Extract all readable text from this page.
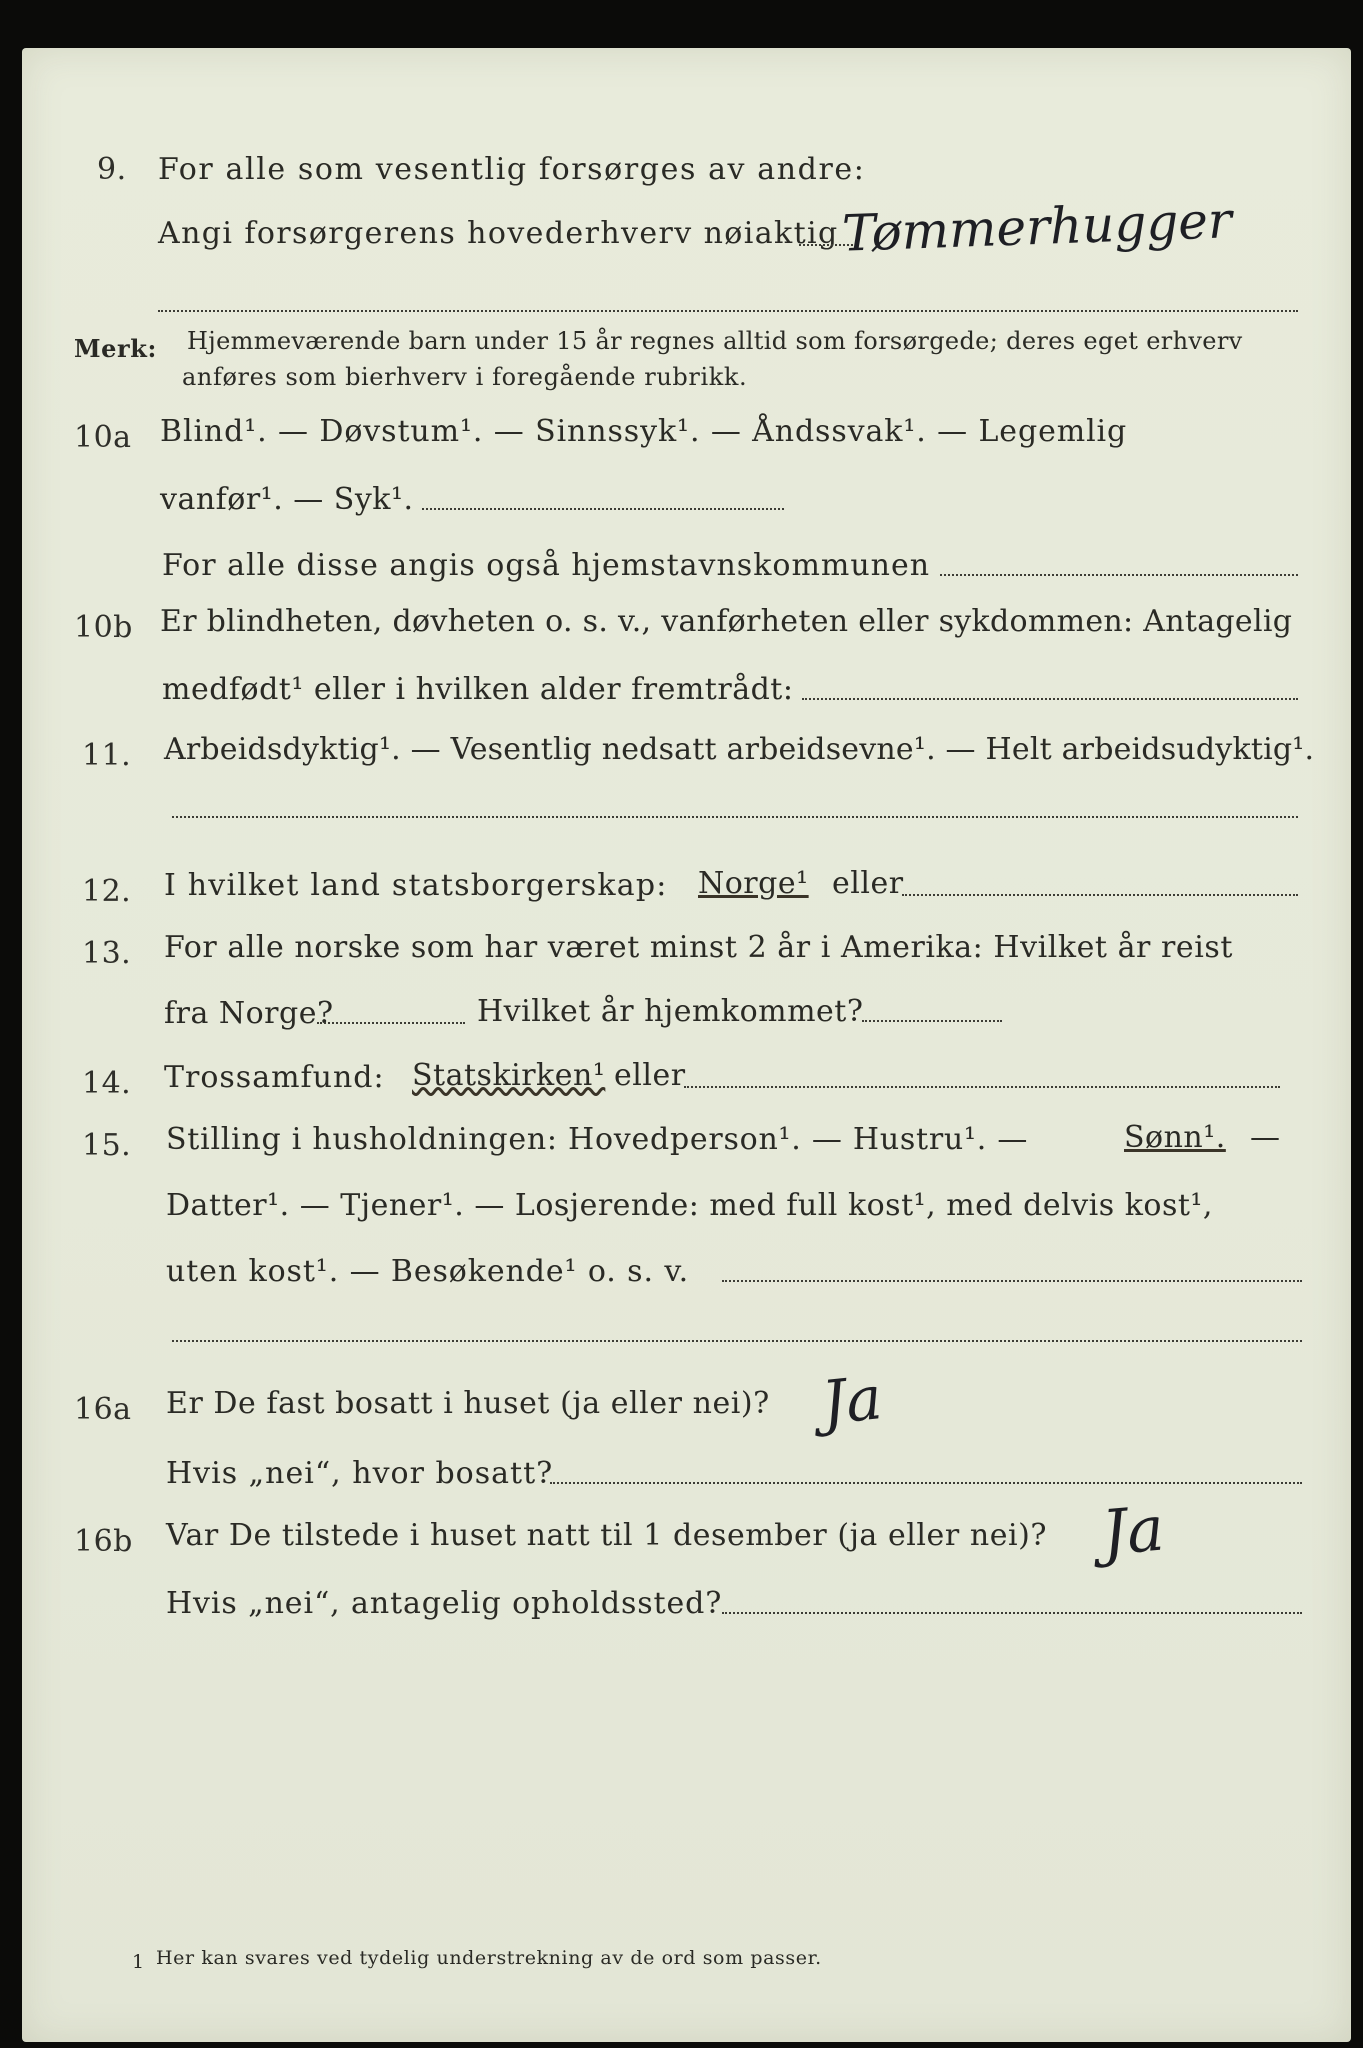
9. For alle som vesentlig forsørges av andre:
Angi forsørgerens hovederhverv nøiaktig Tømmerhugger
Merk: Hjemmeværende barn under 15 år regnes alltid som forsørgede; deres eget erhverv
anføres som bierhverv i foregående rubrikk.
10a Blind¹. — Døvstum¹. — Sinnssyk¹. — Åndssvak¹. — Legemlig
vanfør¹. — Syk¹.
For alle disse angis også hjemstavnskommunen
10b Er blindheten, døvheten o. s. v., vanførheten eller sykdommen: Antagelig
medfødt¹ eller i hvilken alder fremtrådt:
11. Arbeidsdyktig¹. — Vesentlig nedsatt arbeidsevne¹. — Helt arbeidsudyktig¹.
12. I hvilket land statsborgerskap: Norge¹ eller
13. For alle norske som har været minst 2 år i Amerika: Hvilket år reist
fra Norge?	Hvilket år hjemkommet?
14. Trossamfund: Statskirken¹ eller
15. Stilling i husholdningen: Hovedperson¹. — Hustru¹. —	Sønn¹. —
Datter¹. — Tjener¹. — Losjerende: med full kost¹, med delvis kost¹,
uten kost¹. — Besøkende¹ o. s. v.
16a Er De fast bosatt i huset (ja eller nei)? Ja
Hvis „nei“, hvor bosatt?
16b Var De tilstede i huset natt til 1 desember (ja eller nei)? Ja
Hvis „nei“, antagelig opholdssted?
1 Her kan svares ved tydelig understrekning av de ord som passer.
